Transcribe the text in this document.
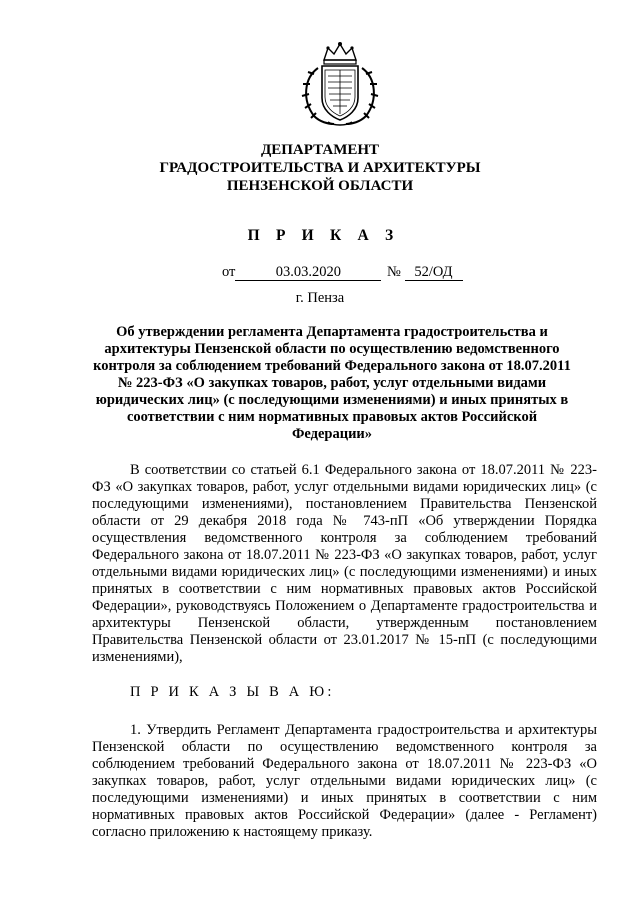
ДЕПАРТАМЕНТ
ГРАДОСТРОИТЕЛЬСТВА И АРХИТЕКТУРЫ
ПЕНЗЕНСКОЙ ОБЛАСТИ
П Р И К А З
от	03.03.2020	№ 52/ОД
г. Пенза
Об утверждении регламента Департамента градостроительства и архитектуры Пензенской области по осуществлению ведомственного контроля за соблюдением требований Федерального закона от 18.07.2011 № 223-ФЗ «О закупках товаров, работ, услуг отдельными видами юридических лиц» (с последующими изменениями) и иных принятых в соответствии с ним нормативных правовых актов Российской Федерации»
В соответствии со статьей 6.1 Федерального закона от 18.07.2011 № 223-ФЗ «О закупках товаров, работ, услуг отдельными видами юридических лиц» (с последующими изменениями), постановлением Правительства Пензенской области от 29 декабря 2018 года № 743-пП «Об утверждении Порядка осуществления ведомственного контроля за соблюдением требований Федерального закона от 18.07.2011 № 223-ФЗ «О закупках товаров, работ, услуг отдельными видами юридических лиц» (с последующими изменениями) и иных принятых в соответствии с ним нормативных правовых актов Российской Федерации», руководствуясь Положением о Департаменте градостроительства и архитектуры Пензенской области, утвержденным постановлением Правительства Пензенской области от 23.01.2017 № 15-пП (с последующими изменениями),
П Р И К А З Ы В А Ю:
1. Утвердить Регламент Департамента градостроительства и архитектуры Пензенской области по осуществлению ведомственного контроля за соблюдением требований Федерального закона от 18.07.2011 № 223-ФЗ «О закупках товаров, работ, услуг отдельными видами юридических лиц» (с последующими изменениями) и иных принятых в соответствии с ним нормативных правовых актов Российской Федерации» (далее - Регламент) согласно приложению к настоящему приказу.
